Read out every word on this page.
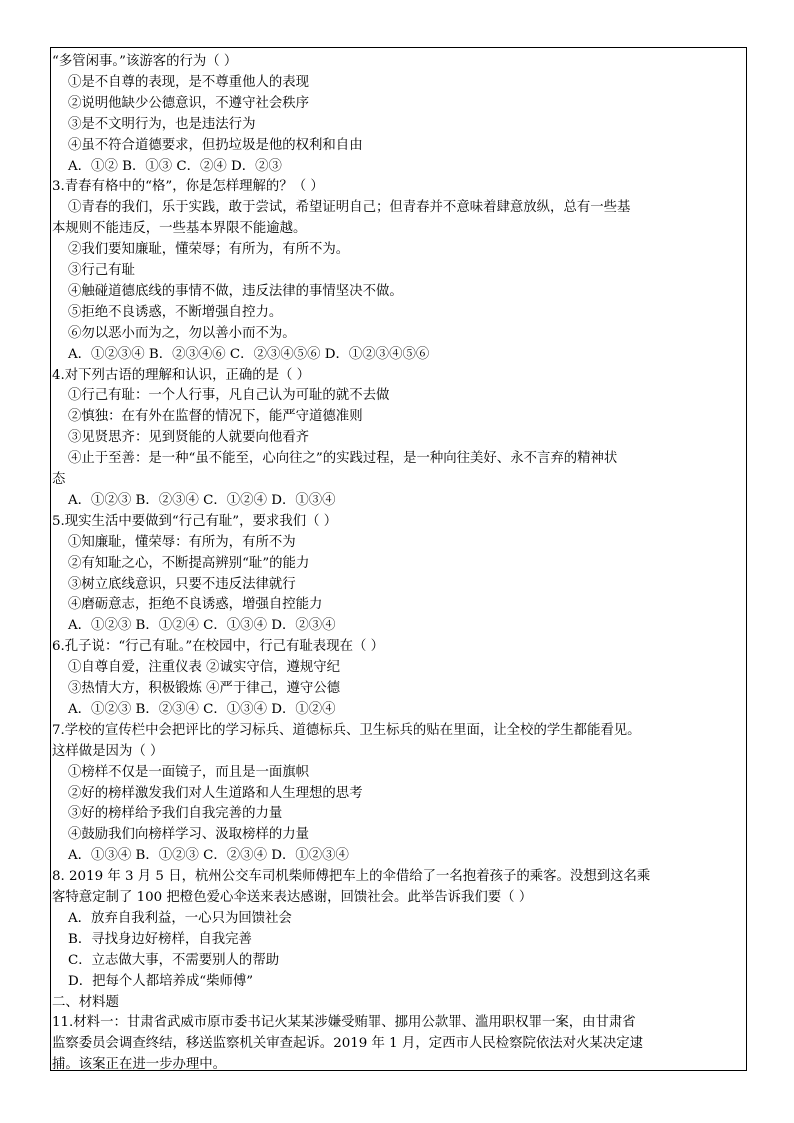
“多管闲事。”该游客的行为（ ）
①是不自尊的表现，是不尊重他人的表现
②说明他缺少公德意识，不遵守社会秩序
③是不文明行为，也是违法行为
④虽不符合道德要求，但扔垃圾是他的权利和自由
A．①② B．①③ C．②④ D．②③
3.青春有格中的“格”，你是怎样理解的？（ ）
①青春的我们，乐于实践，敢于尝试，希望证明自己；但青春并不意味着肆意放纵，总有一些基
本规则不能违反，一些基本界限不能逾越。
②我们要知廉耻，懂荣辱；有所为，有所不为。
③行己有耻
④触碰道德底线的事情不做，违反法律的事情坚决不做。
⑤拒绝不良诱惑，不断增强自控力。
⑥勿以恶小而为之，勿以善小而不为。
A．①②③④ B．②③④⑥ C．②③④⑤⑥ D．①②③④⑤⑥
4.对下列古语的理解和认识，正确的是（ ）
①行己有耻：一个人行事，凡自己认为可耻的就不去做
②慎独：在有外在监督的情况下，能严守道德准则
③见贤思齐：见到贤能的人就要向他看齐
④止于至善：是一种“虽不能至，心向往之”的实践过程，是一种向往美好、永不言弃的精神状
态
A．①②③ B．②③④ C．①②④ D．①③④
5.现实生活中要做到“行己有耻”，要求我们（ ）
①知廉耻，懂荣辱：有所为，有所不为
②有知耻之心，不断提高辨别“耻”的能力
③树立底线意识，只要不违反法律就行
④磨砺意志，拒绝不良诱惑，增强自控能力
A．①②③ B．①②④ C．①③④ D．②③④
6.孔子说：“行己有耻。”在校园中，行己有耻表现在（ ）
①自尊自爱，注重仪表 ②诚实守信，遵规守纪
③热情大方，积极锻炼 ④严于律己，遵守公德
A．①②③ B．②③④ C．①③④ D．①②④
7.学校的宣传栏中会把评比的学习标兵、道德标兵、卫生标兵的贴在里面，让全校的学生都能看见。
这样做是因为（ ）
①榜样不仅是一面镜子，而且是一面旗帜
②好的榜样激发我们对人生道路和人生理想的思考
③好的榜样给予我们自我完善的力量
④鼓励我们向榜样学习、汲取榜样的力量
A．①③④ B．①②③ C．②③④ D．①②③④
8. 2019 年 3 月 5 日，杭州公交车司机柴师傅把车上的伞借给了一名抱着孩子的乘客。没想到这名乘
客特意定制了 100 把橙色爱心伞送来表达感谢，回馈社会。此举告诉我们要（ ）
A．放弃自我利益，一心只为回馈社会
B．寻找身边好榜样，自我完善
C．立志做大事，不需要别人的帮助
D．把每个人都培养成“柴师傅”
二、材料题
11.材料一：甘肃省武威市原市委书记火某某涉嫌受贿罪、挪用公款罪、滥用职权罪一案，由甘肃省
监察委员会调查终结，移送监察机关审查起诉。2019 年 1 月，定西市人民检察院依法对火某决定逮
捕。该案正在进一步办理中。
